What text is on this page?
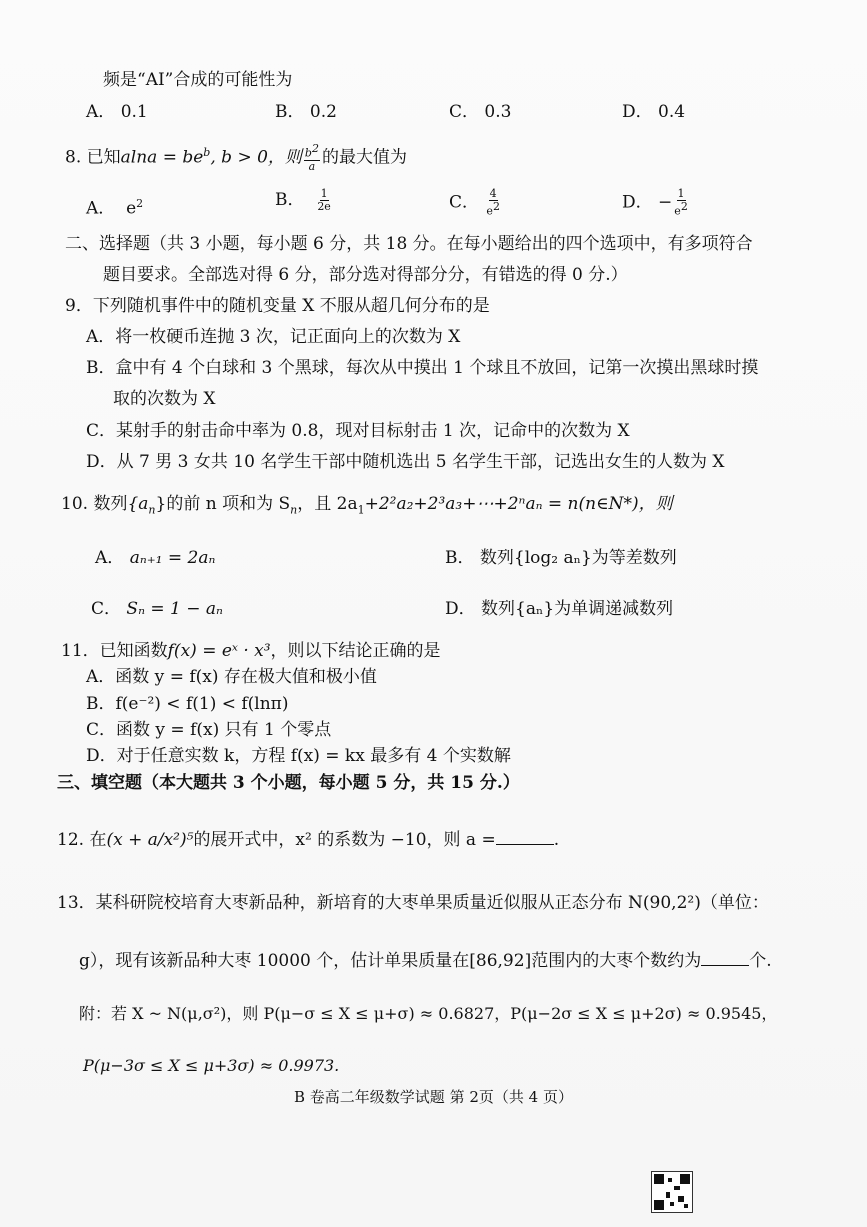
频是“AI”合成的可能性为
A． 0.1	B． 0.2	C． 0.3	D． 0.4
8. 已知$alna = be^b$, b > 0，则 $\frac{b^2}{a}$ 的最大值为
A． $e^2$	B． $\frac{1}{2e}$	C． $\frac{4}{e^2}$	D． − $\frac{1}{e^2}$
二、选择题（共 3 小题，每小题 6 分，共 18 分。在每小题给出的四个选项中，有多项符合
题目要求。全部选对得 6 分，部分选对得部分分，有错选的得 0 分.）
9．下列随机事件中的随机变量 X 不服从超几何分布的是
A．将一枚硬币连抛 3 次，记正面向上的次数为 X
B．盒中有 4 个白球和 3 个黑球，每次从中摸出 1 个球且不放回，记第一次摸出黑球时摸
取的次数为 X
C．某射手的射击命中率为 0.8，现对目标射击 1 次，记命中的次数为 X
D．从 7 男 3 女共 10 名学生干部中随机选出 5 名学生干部，记选出女生的人数为 X
10. 数列$\{a_n\}$的前 n 项和为 $S_n$，且 $2a_1+2^2a_2+2^3a_3+\cdots+2^na_n$ = n(n∈N*)，则
A． aₙ₊₁ = 2aₙ	B． 数列{log₂ aₙ}为等差数列
C． Sₙ = 1 − aₙ	D． 数列{aₙ}为单调递减数列
11．已知函数f(x) = eˣ · x³，则以下结论正确的是
A．函数 y = f(x) 存在极大值和极小值
B．f(e⁻²) < f(1) < f(lnπ)
C．函数 y = f(x) 只有 1 个零点
D．对于任意实数 k，方程 f(x) = kx 最多有 4 个实数解
三、填空题（本大题共 3 个小题，每小题 5 分，共 15 分.）
12. 在(x + a/x²)⁵的展开式中，x² 的系数为 −10，则 a =	.
13．某科研院校培育大枣新品种，新培育的大枣单果质量近似服从正态分布 N(90,2²)（单位：
g），现有该新品种大枣 10000 个，估计单果质量在[86,92]范围内的大枣个数约为	个.
附：若 X ~ N(μ,σ²)，则 P(μ−σ ≤ X ≤ μ+σ) ≈ 0.6827，P(μ−2σ ≤ X ≤ μ+2σ) ≈ 0.9545，
P(μ−3σ ≤ X ≤ μ+3σ) ≈ 0.9973.
B 卷高二年级数学试题 第 2页（共 4 页）
